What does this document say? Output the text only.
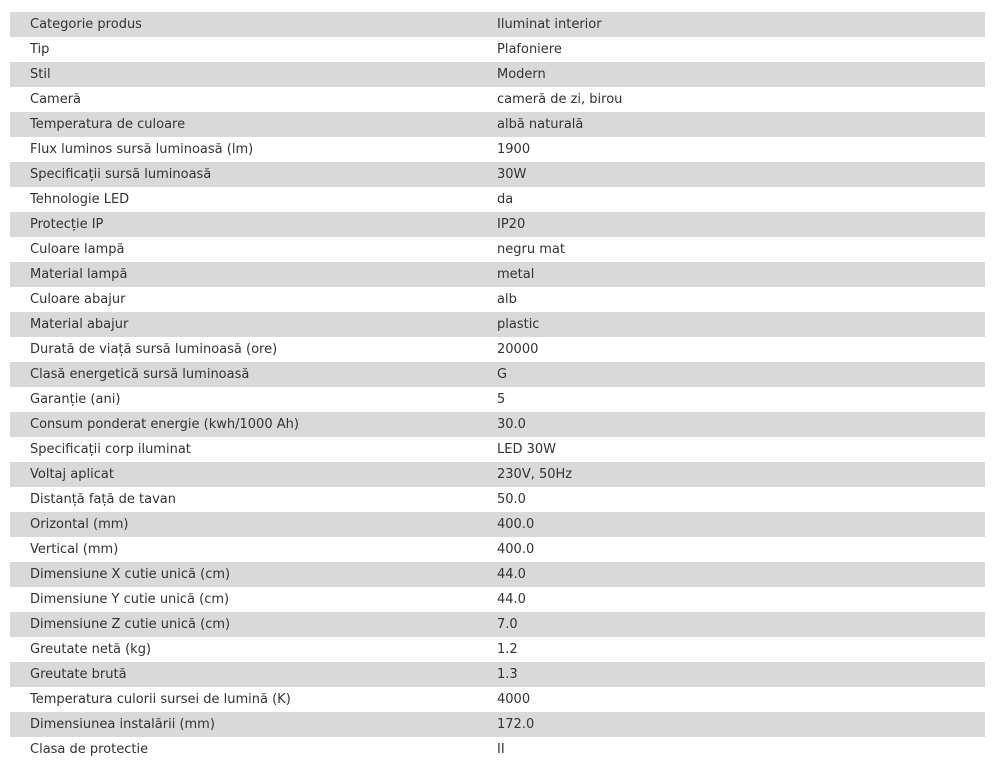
Categorie produs	Iluminat interior
Tip	Plafoniere
Stil	Modern
Cameră	cameră de zi, birou
Temperatura de culoare	albă naturală
Flux luminos sursă luminoasă (lm)	1900
Specificații sursă luminoasă	30W
Tehnologie LED	da
Protecție IP	IP20
Culoare lampă	negru mat
Material lampă	metal
Culoare abajur	alb
Material abajur	plastic
Durată de viață sursă luminoasă (ore)	20000
Clasă energetică sursă luminoasă	G
Garanție (ani)	5
Consum ponderat energie (kwh/1000 Ah)	30.0
Specificații corp iluminat	LED 30W
Voltaj aplicat	230V, 50Hz
Distanță față de tavan	50.0
Orizontal (mm)	400.0
Vertical (mm)	400.0
Dimensiune X cutie unică (cm)	44.0
Dimensiune Y cutie unică (cm)	44.0
Dimensiune Z cutie unică (cm)	7.0
Greutate netă (kg)	1.2
Greutate brută	1.3
Temperatura culorii sursei de lumină (K)	4000
Dimensiunea instalării (mm)	172.0
Clasa de protectie	II
